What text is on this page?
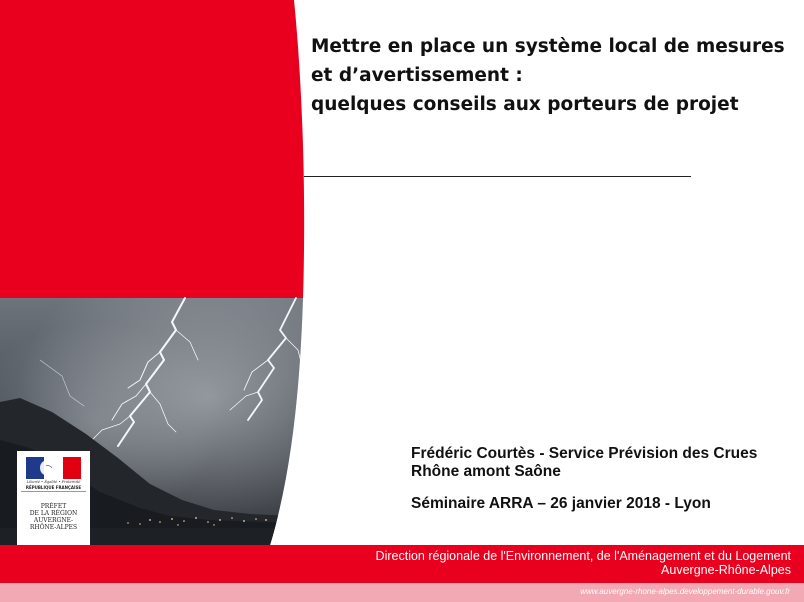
Liberté • Égalité • Fraternité
RÉPUBLIQUE FRANÇAISE
PRÉFET
DE LA RÉGION
AUVERGNE-
RHÔNE-ALPES
Mettre en place un système local de mesures
et d’avertissement :
quelques conseils aux porteurs de projet
Frédéric Courtès - Service Prévision des Crues
Rhône amont Saône
Séminaire ARRA – 26 janvier 2018 - Lyon
Direction régionale de l'Environnement, de l'Aménagement et du Logement
Auvergne-Rhône-Alpes
www.auvergne-rhone-alpes.developpement-durable.gouv.fr
